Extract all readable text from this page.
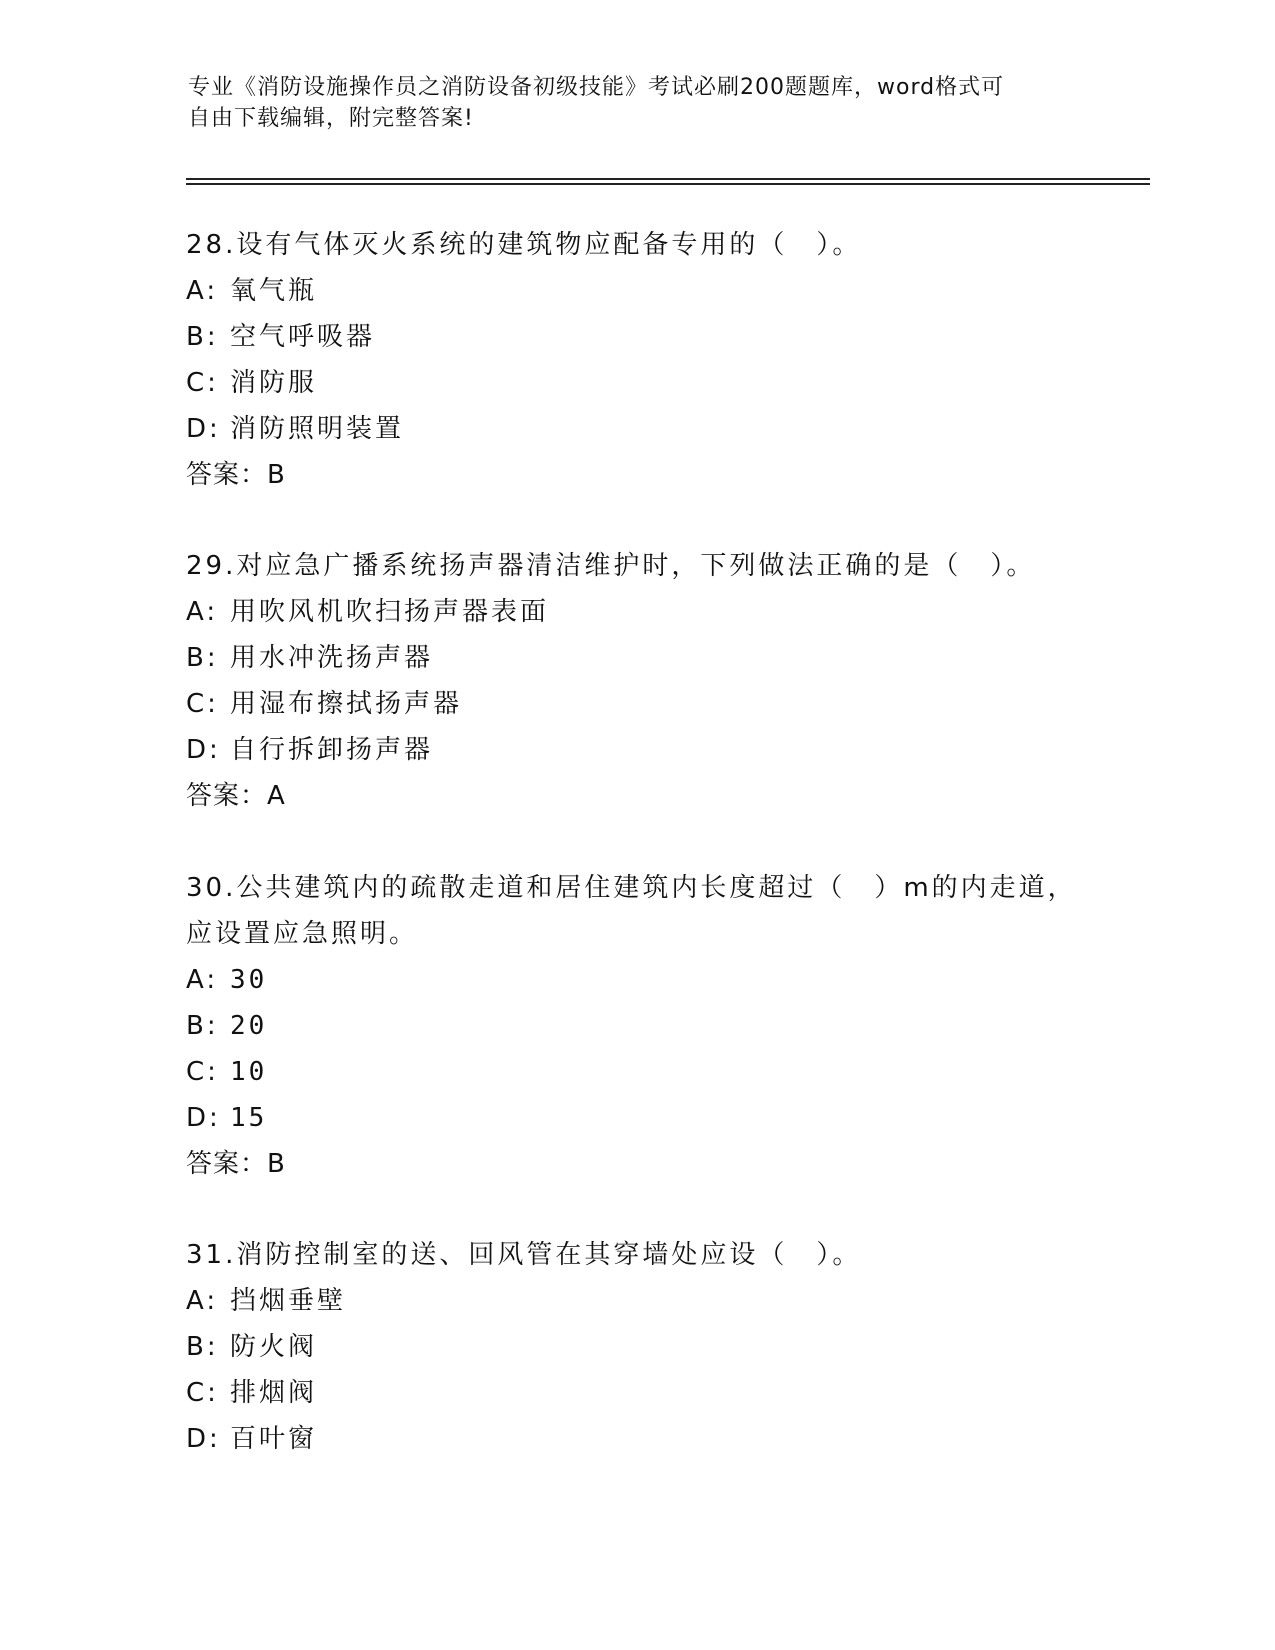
专业《消防设施操作员之消防设备初级技能》考试必刷200题题库，word格式可
自由下载编辑，附完整答案!

28.设有气体灭火系统的建筑物应配备专用的（　）。

A: 氧气瓶

B: 空气呼吸器

C: 消防服

D: 消防照明装置

答案：B

29.对应急广播系统扬声器清洁维护时，下列做法正确的是（　）。

A: 用吹风机吹扫扬声器表面

B: 用水冲洗扬声器

C: 用湿布擦拭扬声器

D: 自行拆卸扬声器

答案：A

30.公共建筑内的疏散走道和居住建筑内长度超过（　）m的内走道，

应设置应急照明。

A: 30

B: 20

C: 10

D: 15

答案：B

31.消防控制室的送、回风管在其穿墙处应设（　）。

A: 挡烟垂壁

B: 防火阀

C: 排烟阀

D: 百叶窗
